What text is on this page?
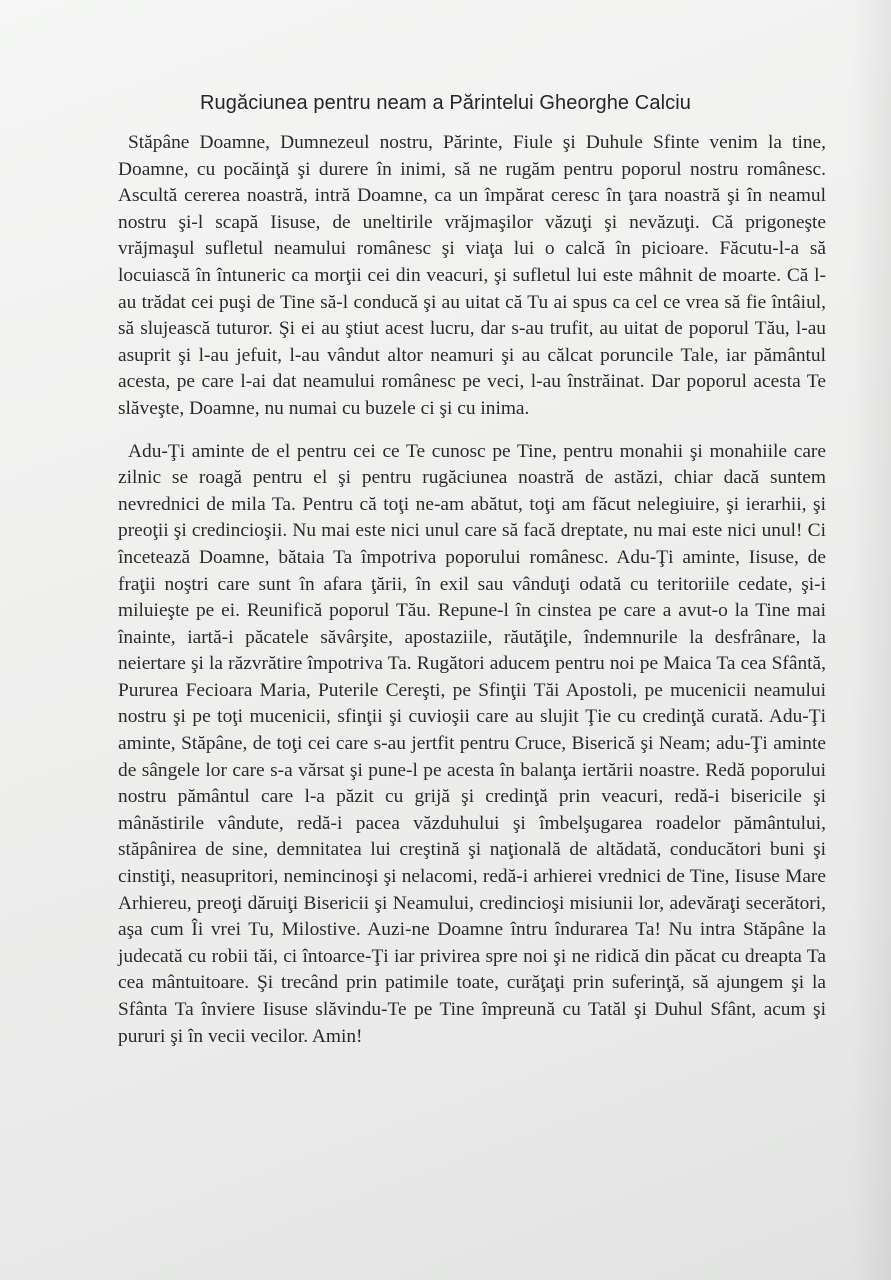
Rugăciunea pentru neam a Părintelui Gheorghe Calciu

Stăpâne Doamne, Dumnezeul nostru, Părinte, Fiule şi Duhule Sfinte venim la tine, Doamne, cu pocăinţă şi durere în inimi, să ne rugăm pentru poporul nostru românesc. Ascultă cererea noastră, intră Doamne, ca un împărat ceresc în ţara noastră şi în neamul nostru şi-l scapă Iisuse, de uneltirile vrăjmaşilor văzuţi şi nevăzuţi. Că prigoneşte vrăjmaşul sufletul neamului românesc şi viaţa lui o calcă în picioare. Făcutu-l-a să locuiască în întuneric ca morţii cei din veacuri, şi sufletul lui este mâhnit de moarte. Că l-au trădat cei puşi de Tine să-l conducă şi au uitat că Tu ai spus ca cel ce vrea să fie întâiul, să slujească tuturor. Şi ei au ştiut acest lucru, dar s-au trufit, au uitat de poporul Tău, l-au asuprit şi l-au jefuit, l-au vândut altor neamuri şi au călcat poruncile Tale, iar pământul acesta, pe care l-ai dat neamului românesc pe veci, l-au înstrăinat. Dar poporul acesta Te slăveşte, Doamne, nu numai cu buzele ci şi cu inima.

Adu-Ţi aminte de el pentru cei ce Te cunosc pe Tine, pentru monahii şi monahiile care zilnic se roagă pentru el şi pentru rugăciunea noastră de astăzi, chiar dacă suntem nevrednici de mila Ta. Pentru că toţi ne-am abătut, toţi am făcut nelegiuire, şi ierarhii, şi preoţii şi credincioşii. Nu mai este nici unul care să facă dreptate, nu mai este nici unul! Ci încetează Doamne, bătaia Ta împotriva poporului românesc. Adu-Ţi aminte, Iisuse, de fraţii noştri care sunt în afara ţării, în exil sau vânduţi odată cu teritoriile cedate, şi-i miluieşte pe ei. Reunifică poporul Tău. Repune-l în cinstea pe care a avut-o la Tine mai înainte, iartă-i păcatele săvârşite, apostaziile, răutăţile, îndemnurile la desfrânare, la neiertare şi la răzvrătire împotriva Ta. Rugători aducem pentru noi pe Maica Ta cea Sfântă, Pururea Fecioara Maria, Puterile Cereşti, pe Sfinţii Tăi Apostoli, pe mucenicii neamului nostru şi pe toţi mucenicii, sfinţii şi cuvioşii care au slujit Ţie cu credinţă curată. Adu-Ţi aminte, Stăpâne, de toţi cei care s-au jertfit pentru Cruce, Biserică şi Neam; adu-Ţi aminte de sângele lor care s-a vărsat şi pune-l pe acesta în balanţa iertării noastre. Redă poporului nostru pământul care l-a păzit cu grijă şi credinţă prin veacuri, redă-i bisericile şi mânăstirile vândute, redă-i pacea văzduhului şi îmbelşugarea roadelor pământului, stăpânirea de sine, demnitatea lui creştină şi naţională de altădată, conducători buni şi cinstiţi, neasupritori, nemincinoşi şi nelacomi, redă-i arhierei vrednici de Tine, Iisuse Mare Arhiereu, preoţi dăruiţi Bisericii şi Neamului, credincioşi misiunii lor, adevăraţi secerători, aşa cum Îi vrei Tu, Milostive. Auzi-ne Doamne întru îndurarea Ta! Nu intra Stăpâne la judecată cu robii tăi, ci întoarce-Ţi iar privirea spre noi şi ne ridică din păcat cu dreapta Ta cea mântuitoare. Şi trecând prin patimile toate, curăţaţi prin suferinţă, să ajungem şi la Sfânta Ta înviere Iisuse slăvindu-Te pe Tine împreună cu Tatăl şi Duhul Sfânt, acum şi pururi şi în vecii vecilor. Amin!
